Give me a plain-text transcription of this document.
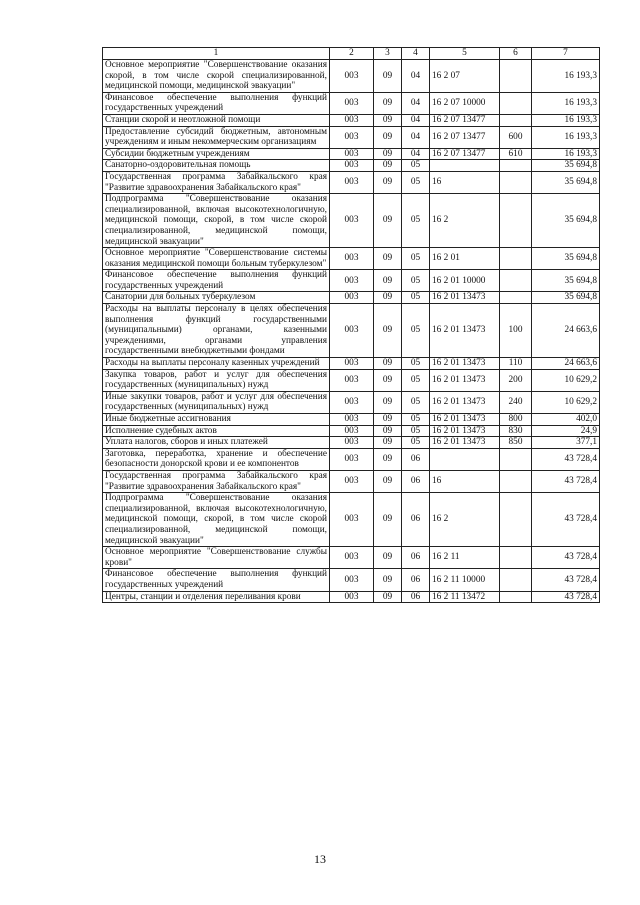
1	2	3	4	5	6	7
Основное мероприятие "Совершенствование оказания скорой, в том числе скорой специализированной, медицинской помощи, медицинской эвакуации"	003	09	04	16 2 07		16 193,3
Финансовое обеспечение выполнения функций государственных учреждений	003	09	04	16 2 07 10000		16 193,3
Станции скорой и неотложной помощи	003	09	04	16 2 07 13477		16 193,3
Предоставление субсидий бюджетным, автономным учреждениям и иным некоммерческим организациям	003	09	04	16 2 07 13477	600	16 193,3
Субсидии бюджетным учреждениям	003	09	04	16 2 07 13477	610	16 193,3
Санаторно-оздоровительная помощь	003	09	05			35 694,8
Государственная программа Забайкальского края "Развитие здравоохранения Забайкальского края"	003	09	05	16		35 694,8
Подпрограмма "Совершенствование оказания специализированной, включая высокотехнологичную, медицинской помощи, скорой, в том числе скорой специализированной, медицинской помощи, медицинской эвакуации"	003	09	05	16 2		35 694,8
Основное мероприятие "Совершенствование системы оказания медицинской помощи больным туберкулезом"	003	09	05	16 2 01		35 694,8
Финансовое обеспечение выполнения функций государственных учреждений	003	09	05	16 2 01 10000		35 694,8
Санатории для больных туберкулезом	003	09	05	16 2 01 13473		35 694,8
Расходы на выплаты персоналу в целях обеспечения выполнения функций государственными (муниципальными) органами, казенными учреждениями, органами управления государственными внебюджетными фондами	003	09	05	16 2 01 13473	100	24 663,6
Расходы на выплаты персоналу казенных учреждений	003	09	05	16 2 01 13473	110	24 663,6
Закупка товаров, работ и услуг для обеспечения государственных (муниципальных) нужд	003	09	05	16 2 01 13473	200	10 629,2
Иные закупки товаров, работ и услуг для обеспечения государственных (муниципальных) нужд	003	09	05	16 2 01 13473	240	10 629,2
Иные бюджетные ассигнования	003	09	05	16 2 01 13473	800	402,0
Исполнение судебных актов	003	09	05	16 2 01 13473	830	24,9
Уплата налогов, сборов и иных платежей	003	09	05	16 2 01 13473	850	377,1
Заготовка, переработка, хранение и обеспечение безопасности донорской крови и ее компонентов	003	09	06			43 728,4
Государственная программа Забайкальского края "Развитие здравоохранения Забайкальского края"	003	09	06	16		43 728,4
Подпрограмма "Совершенствование оказания специализированной, включая высокотехнологичную, медицинской помощи, скорой, в том числе скорой специализированной, медицинской помощи, медицинской эвакуации"	003	09	06	16 2		43 728,4
Основное мероприятие "Совершенствование службы крови"	003	09	06	16 2 11		43 728,4
Финансовое обеспечение выполнения функций государственных учреждений	003	09	06	16 2 11 10000		43 728,4
Центры, станции и отделения переливания крови	003	09	06	16 2 11 13472		43 728,4
13
